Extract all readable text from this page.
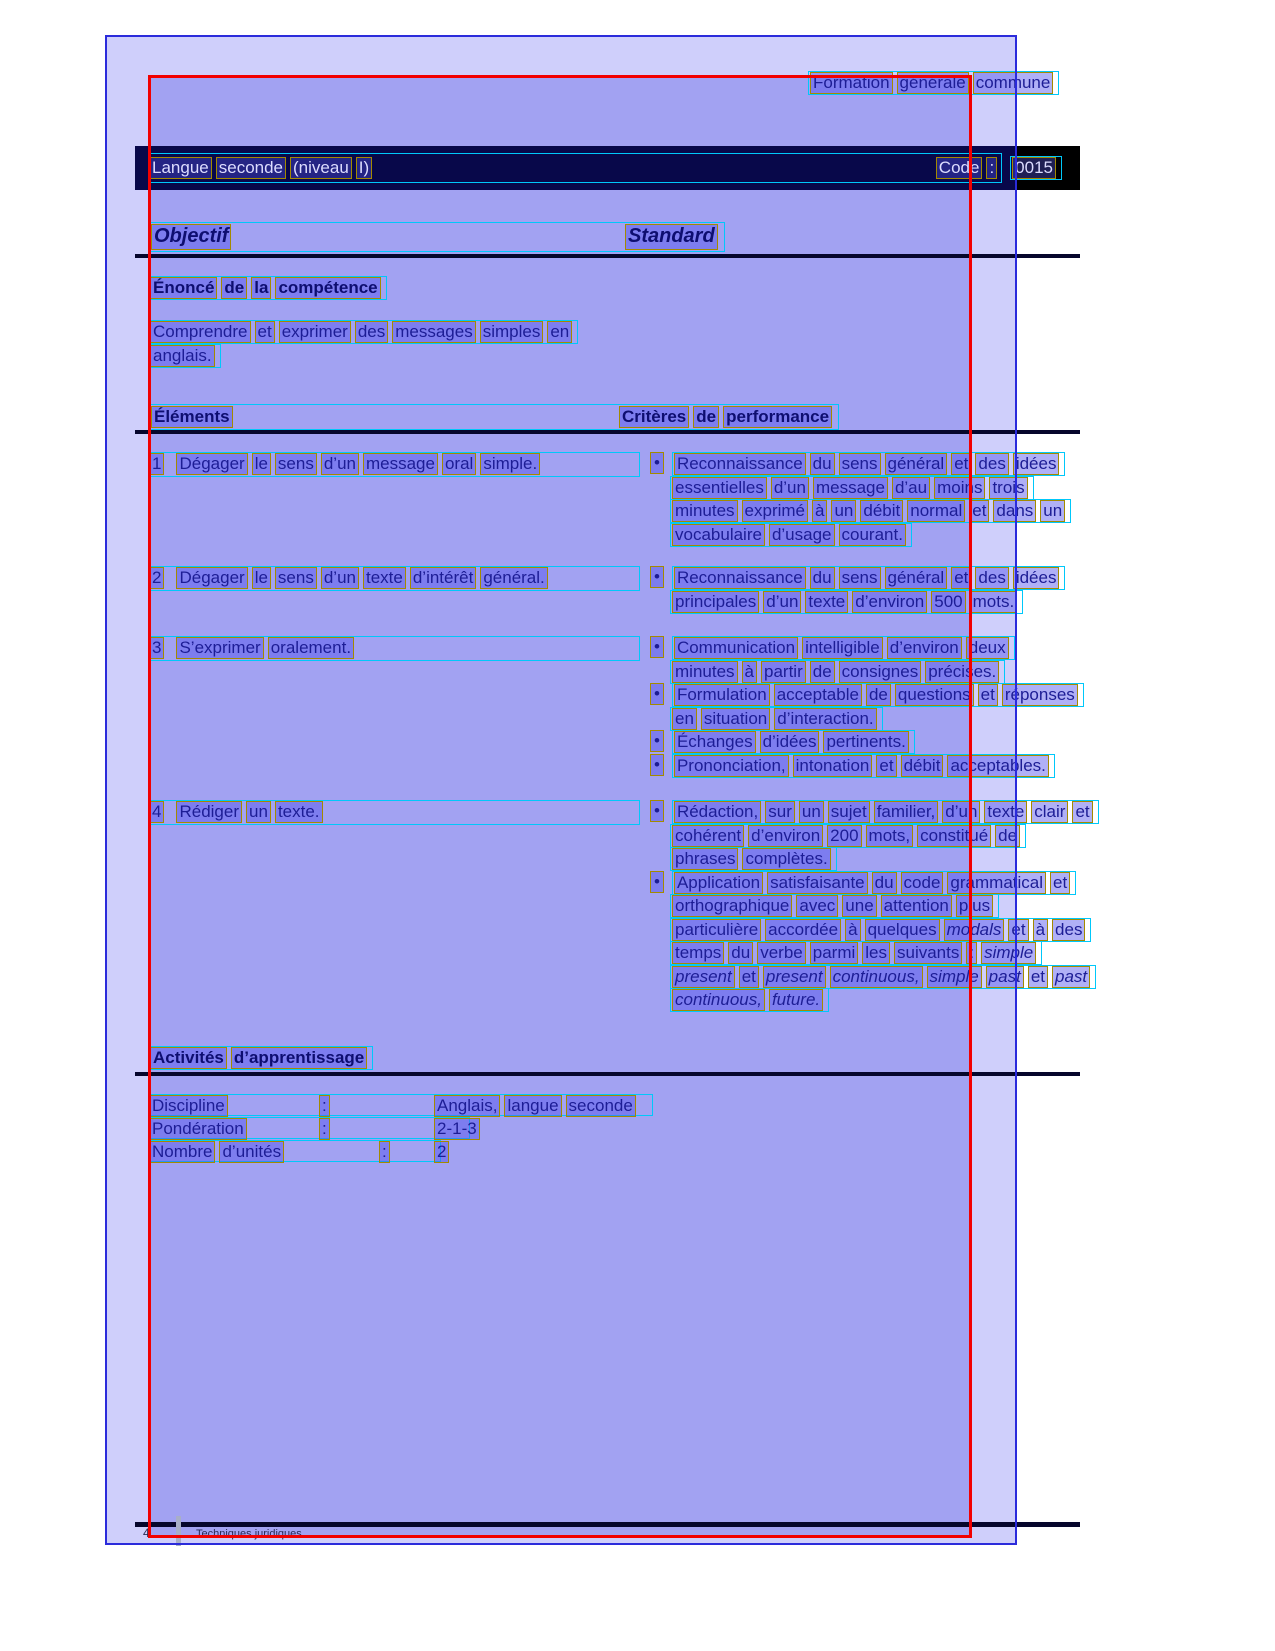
Formation générale commune
Langue seconde (niveau I)	Code :	0015
Objectif	Standard
Énoncé de la compétence
Comprendre et exprimer des messages simples en
anglais.
Éléments	Critères de performance
1 Dégager le sens d’un message oral simple.	• Reconnaissance du sens général et des idées
essentielles d’un message d’au moins trois
minutes exprimé à un débit normal et dans un
vocabulaire d’usage courant.
2 Dégager le sens d’un texte d’intérêt général.	• Reconnaissance du sens général et des idées
principales d’un texte d’environ 500 mots.
3 S’exprimer oralement.	• Communication intelligible d’environ deux
minutes à partir de consignes précises.
• Formulation acceptable de questions et réponses
en situation d’interaction.
• Échanges d’idées pertinents.
• Prononciation, intonation et débit acceptables.
4 Rédiger un texte.	• Rédaction, sur un sujet familier, d’un texte clair et
cohérent d’environ 200 mots, constitué de
phrases complètes.
• Application satisfaisante du code grammatical et
orthographique avec une attention plus
particulière accordée à quelques modals et à des
temps du verbe parmi les suivants : simple
present et present continuous, simple past et past
continuous, future.
Activités d’apprentissage
Discipline	:	Anglais, langue seconde
Pondération	:	2-1-3
Nombre d’unités	:	2
4	Techniques juridiques
